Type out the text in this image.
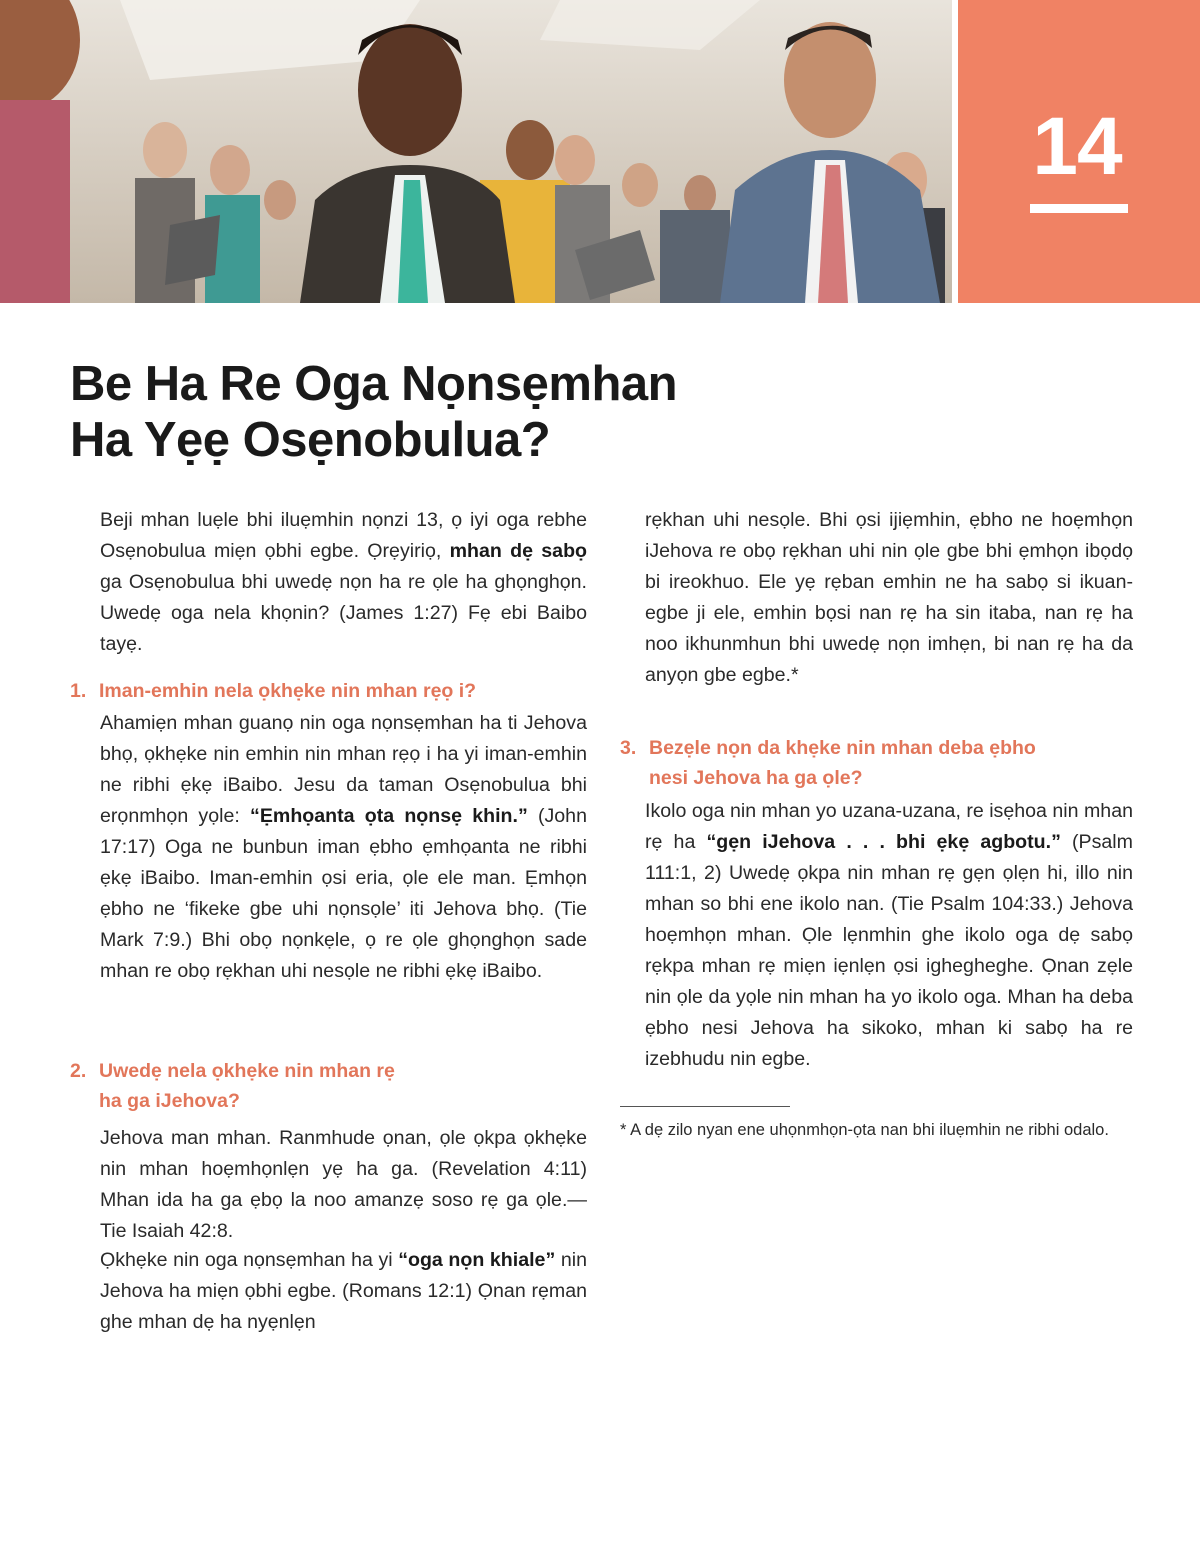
14
Be Ha Re Oga Nọnsẹmhan
Ha Yẹẹ Osẹnobulua?

Beji mhan luẹle bhi iluẹmhin nọnzi 13, ọ iyi oga rebhe Osẹnobulua miẹn ọbhi egbe. Ọrẹyiriọ, mhan dẹ sabọ ga Osẹnobulua bhi uwedẹ nọn ha re ọle ha ghọnghọn. Uwedẹ oga nela khọnin? (James 1:27) Fẹ ebi Baibo tayẹ.

1. Iman-emhin nela ọkhẹke nin mhan rẹọ i?

Ahamiẹn mhan guanọ nin oga nọnsẹmhan ha ti Jehova bhọ, ọkhẹke nin emhin nin mhan rẹọ i ha yi iman-emhin ne ribhi ẹkẹ iBaibo. Jesu da taman Osẹnobulua bhi erọnmhọn yọle: “Ẹmhọanta ọta nọnsẹ khin.” (John 17:17) Oga ne bunbun iman ẹbho ẹmhọanta ne ribhi ẹkẹ iBaibo. Iman-emhin ọsi eria, ọle ele man. Ẹmhọn ẹbho ne ‘fikeke gbe uhi nọnsọle’ iti Jehova bhọ. (Tie Mark 7:9.) Bhi obọ nọnkẹle, ọ re ọle ghọnghọn sade mhan re obọ rẹkhan uhi nesọle ne ribhi ẹkẹ iBaibo.

2. Uwedẹ nela ọkhẹke nin mhan rẹ
ha ga iJehova?

Jehova man mhan. Ranmhude ọnan, ọle ọkpa ọkhẹke nin mhan hoẹmhọnlẹn yẹ ha ga. (Revelation 4:11) Mhan ida ha ga ẹbọ la noo amanzẹ soso rẹ ga ọle.—Tie Isaiah 42:8.

Ọkhẹke nin oga nọnsẹmhan ha yi “oga nọn khiale” nin Jehova ha miẹn ọbhi egbe. (Romans 12:1) Ọnan rẹman ghe mhan dẹ ha nyẹnlẹn

rẹkhan uhi nesọle. Bhi ọsi ijiẹmhin, ẹbho ne hoẹmhọn iJehova re obọ rẹkhan uhi nin ọle gbe bhi ẹmhọn ibọdọ bi ireokhuo. Ele yẹ rẹban emhin ne ha sabọ si ikuan-egbe ji ele, emhin bọsi nan rẹ ha sin itaba, nan rẹ ha noo ikhunmhun bhi uwedẹ nọn imhẹn, bi nan rẹ ha da anyọn gbe egbe.*

3. Bezẹle nọn da khẹke nin mhan deba ẹbho
nesi Jehova ha ga ọle?

Ikolo oga nin mhan yo uzana-uzana, re isẹhoa nin mhan rẹ ha “gẹn iJehova . . . bhi ẹkẹ agbotu.” (Psalm 111:1, 2) Uwedẹ ọkpa nin mhan rẹ gẹn ọlẹn hi, illo nin mhan so bhi ene ikolo nan. (Tie Psalm 104:33.) Jehova hoẹmhọn mhan. Ọle lẹnmhin ghe ikolo oga dẹ sabọ rẹkpa mhan rẹ miẹn iẹnlẹn ọsi ighegheghe. Ọnan zẹle nin ọle da yọle nin mhan ha yo ikolo oga. Mhan ha deba ẹbho nesi Jehova ha sikoko, mhan ki sabọ ha re izebhudu nin egbe.

* A dẹ zilo nyan ene uhọnmhọn-ọta nan bhi iluẹmhin ne ribhi odalo.
